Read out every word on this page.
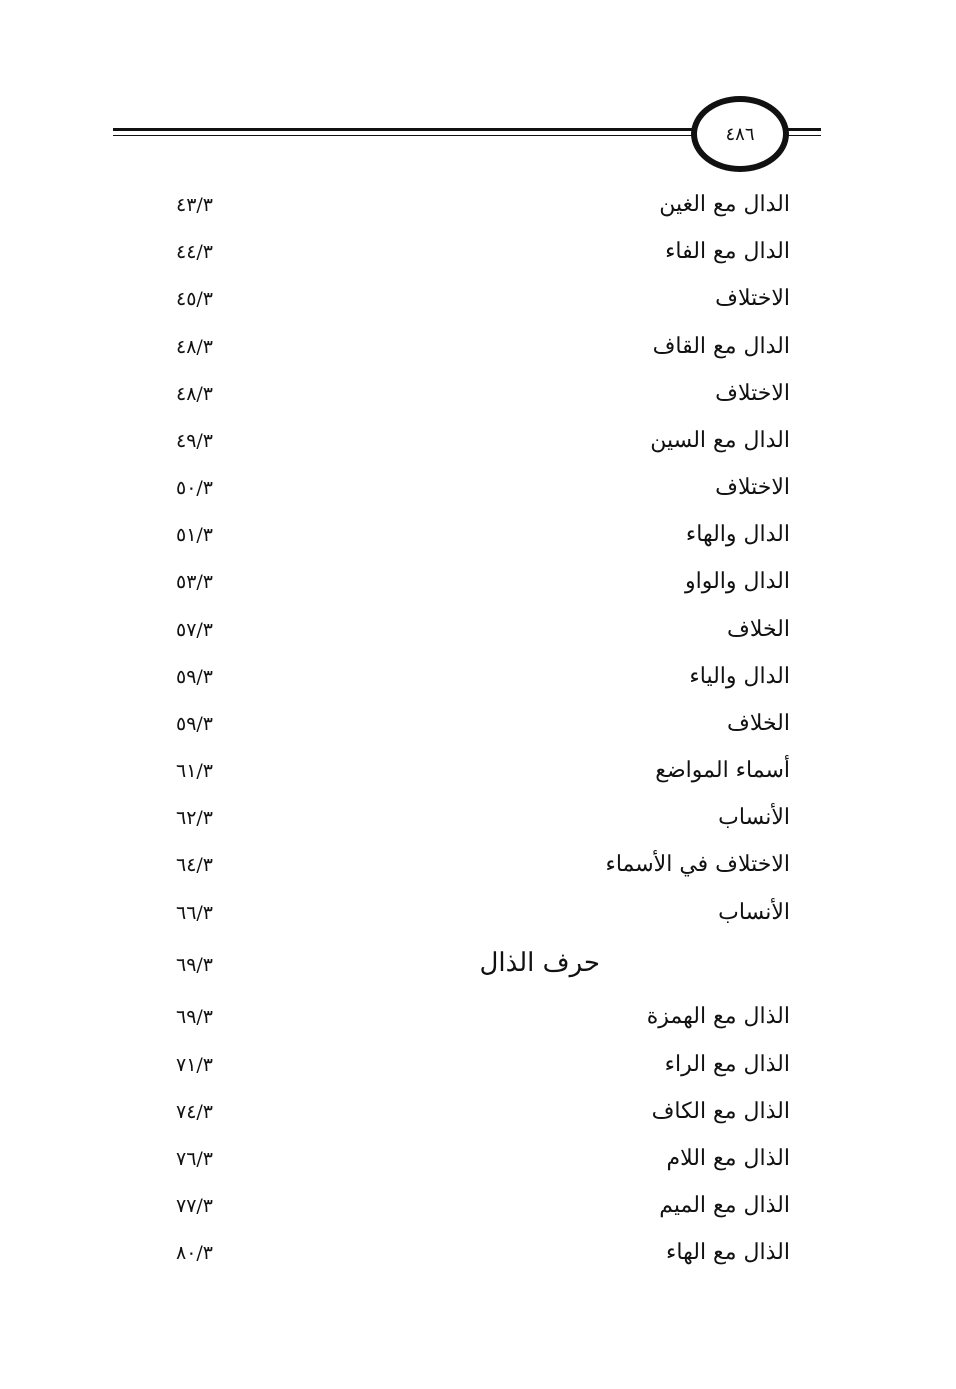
٤٨٦
الدال مع الغين
٤٣/٣
الدال مع الفاء
٤٤/٣
الاختلاف
٤٥/٣
الدال مع القاف
٤٨/٣
الاختلاف
٤٨/٣
الدال مع السين
٤٩/٣
الاختلاف
٥٠/٣
الدال والهاء
٥١/٣
الدال والواو
٥٣/٣
الخلاف
٥٧/٣
الدال والياء
٥٩/٣
الخلاف
٥٩/٣
أسماء المواضع
٦١/٣
الأنساب
٦٢/٣
الاختلاف في الأسماء
٦٤/٣
الأنساب
٦٦/٣
حرف الذال
٦٩/٣
الذال مع الهمزة
٦٩/٣
الذال مع الراء
٧١/٣
الذال مع الكاف
٧٤/٣
الذال مع اللام
٧٦/٣
الذال مع الميم
٧٧/٣
الذال مع الهاء
٨٠/٣
